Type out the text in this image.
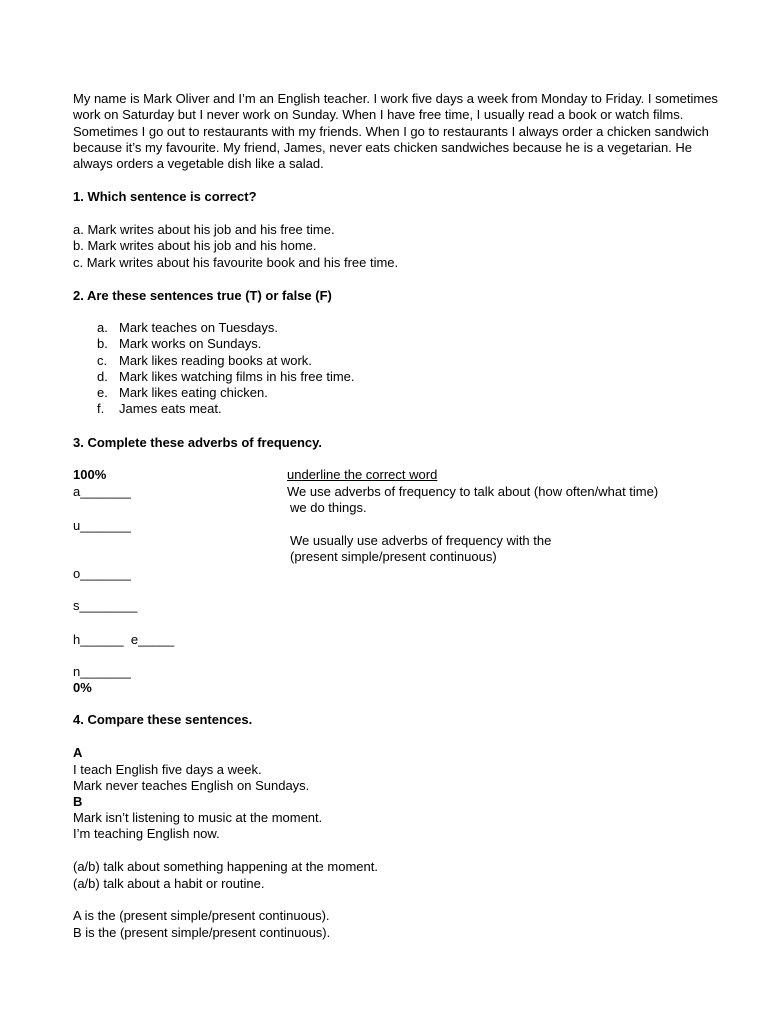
My name is Mark Oliver and I’m an English teacher. I work five days a week from Monday to Friday. I sometimes work on Saturday but I never work on Sunday. When I have free time, I usually read a book or watch films. Sometimes I go out to restaurants with my friends. When I go to restaurants I always order a chicken sandwich because it’s my favourite. My friend, James, never eats chicken sandwiches because he is a vegetarian. He always orders a vegetable dish like a salad.
1. Which sentence is correct?
a. Mark writes about his job and his free time.
b. Mark writes about his job and his home.
c. Mark writes about his favourite book and his free time.
2. Are these sentences true (T) or false (F)
a. Mark teaches on Tuesdays.
b. Mark works on Sundays.
c. Mark likes reading books at work.
d. Mark likes watching films in his free time.
e. Mark likes eating chicken.
f.	James eats meat.
3. Complete these adverbs of frequency.
100%	underline the correct word
a_______	We use adverbs of frequency to talk about (how often/what time)
we do things.
u_______
We usually use adverbs of frequency with the
(present simple/present continuous)
o_______
s________
h______  e_____
n_______
0%
4. Compare these sentences.
A
I teach English five days a week.
Mark never teaches English on Sundays.
B
Mark isn’t listening to music at the moment.
I’m teaching English now.
(a/b) talk about something happening at the moment.
(a/b) talk about a habit or routine.
A is the (present simple/present continuous).
B is the (present simple/present continuous).
